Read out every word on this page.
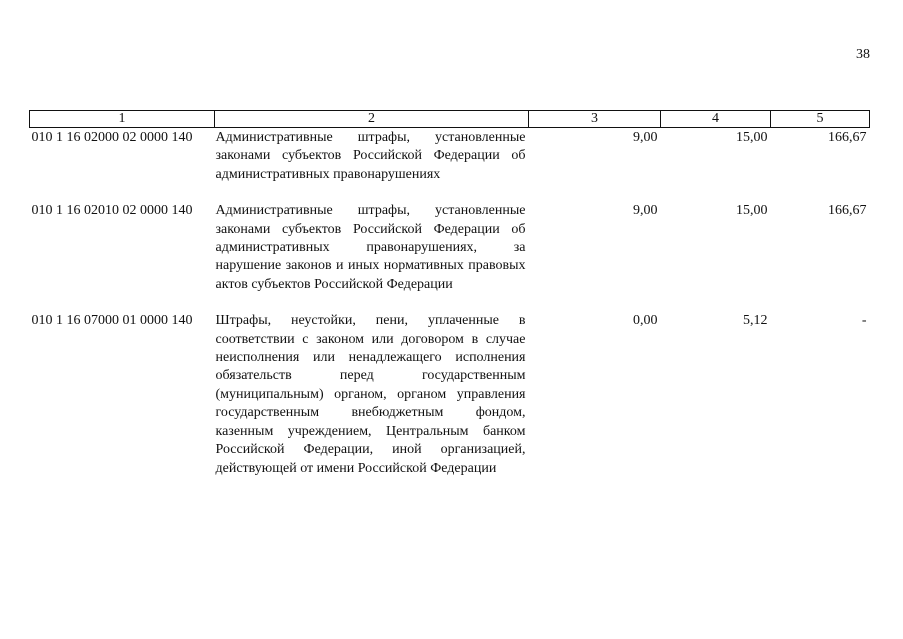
38
1	2	3	4	5
010 1 16 02000 02 0000 140	Административные штрафы, установленные законами субъектов Российской Федерации об административных правонарушениях	9,00	15,00	166,67
010 1 16 02010 02 0000 140	Административные штрафы, установленные законами субъектов Российской Федерации об административных правонарушениях, за нарушение законов и иных нормативных правовых актов субъектов Российской Федерации	9,00	15,00	166,67
010 1 16 07000 01 0000 140	Штрафы, неустойки, пени, уплаченные в соответствии с законом или договором в случае неисполнения или ненадлежащего исполнения обязательств перед государственным (муниципальным) органом, органом управления государственным внебюджетным фондом, казенным учреждением, Центральным банком Российской Федерации, иной организацией, действующей от имени Российской Федерации	0,00	5,12	-
